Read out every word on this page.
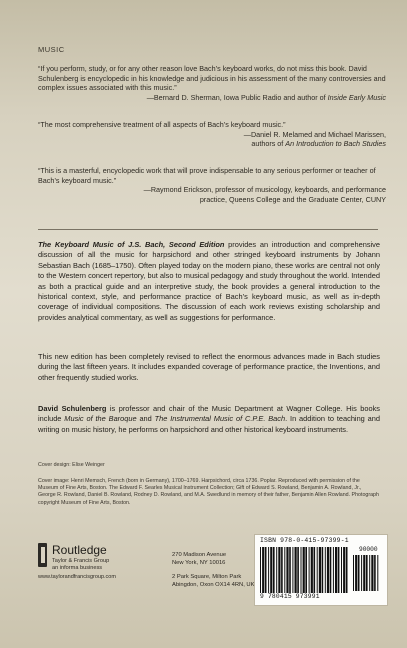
MUSIC

“If you perform, study, or for any other reason love Bach’s keyboard works, do not miss this book. David Schulenberg is encyclopedic in his knowledge and judicious in his assessment of the many controversies and complex issues associated with this music.”

—Bernard D. Sherman, Iowa Public Radio and author of Inside Early Music

“The most comprehensive treatment of all aspects of Bach’s keyboard music.”

—Daniel R. Melamed and Michael Marissen,

authors of An Introduction to Bach Studies

“This is a masterful, encyclopedic work that will prove indispensable to any serious performer or teacher of Bach’s keyboard music.”

—Raymond Erickson, professor of musicology, keyboards, and performance

practice, Queens College and the Graduate Center, CUNY

The Keyboard Music of J.S. Bach, Second Edition provides an introduction and comprehensive discussion of all the music for harpsichord and other stringed keyboard instruments by Johann Sebastian Bach (1685–1750). Often played today on the modern piano, these works are central not only to the Western concert repertory, but also to musical pedagogy and study throughout the world. Intended as both a practical guide and an interpretive study, the book provides a general introduction to the historical context, style, and performance practice of Bach’s keyboard music, as well as in-depth coverage of individual compositions. The discussion of each work reviews existing scholarship and provides analytical commentary, as well as suggestions for performance.

This new edition has been completely revised to reflect the enormous advances made in Bach studies during the last fifteen years. It includes expanded coverage of performance practice, the Inventions, and other frequently studied works.

David Schulenberg is professor and chair of the Music Department at Wagner College. His books include Music of the Baroque and The Instrumental Music of C.P.E. Bach. In addition to teaching and writing on music history, he performs on harpsichord and other historical keyboard instruments.

Cover design: Elise Weinger

Cover image: Henri Memsch, French (born in Germany), 1700–1769. Harpsichord, circa 1736. Poplar. Reproduced with permission of the Museum of Fine Arts, Boston. The Edward F. Searles Musical Instrument Collection; Gift of Edward S. Rowland, Benjamin A. Rowland, Jr., George R. Rowland, Daniel B. Rowland, Rodney D. Rowland, and M.A. Swedlund in memory of their father, Benjamin Allen Rowland. Photograph copyright Museum of Fine Arts, Boston.

Routledge
Taylor & Francis Group
an informa business
www.taylorandfrancisgroup.com

270 Madison Avenue

New York, NY 10016

2 Park Square, Milton Park

Abingdon, Oxon OX14 4RN, UK

ISBN 978-0-415-97399-1
90000
9 780415 973991
